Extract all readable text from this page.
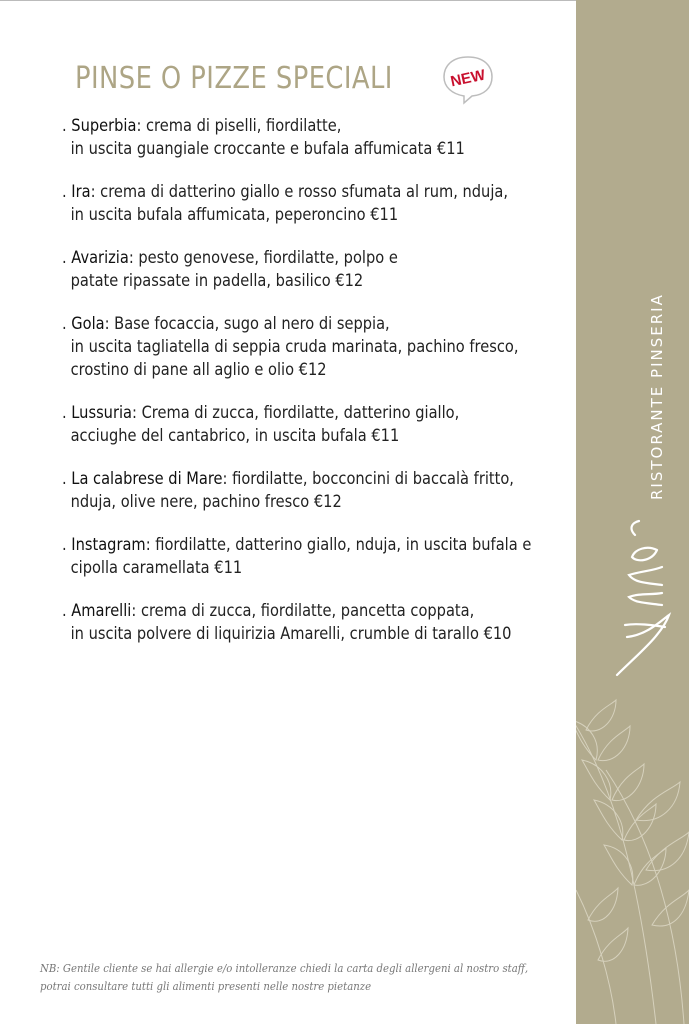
PINSE O PIZZE SPECIALI	NEW
. Superbia: crema di piselli, fiordilatte,
in uscita guangiale croccante e bufala affumicata €11
. Ira: crema di datterino giallo e rosso sfumata al rum, nduja,
in uscita bufala affumicata, peperoncino €11
. Avarizia: pesto genovese, fiordilatte, polpo e
patate ripassate in padella, basilico €12
. Gola: Base focaccia, sugo al nero di seppia,
in uscita tagliatella di seppia cruda marinata, pachino fresco,
crostino di pane all aglio e olio €12
. Lussuria: Crema di zucca, fiordilatte, datterino giallo,
acciughe del cantabrico, in uscita bufala €11
. La calabrese di Mare: fiordilatte, bocconcini di baccalà fritto,
nduja, olive nere, pachino fresco €12
. Instagram: fiordilatte, datterino giallo, nduja, in uscita bufala e
cipolla caramellata €11
. Amarelli: crema di zucca, fiordilatte, pancetta coppata,
in uscita polvere di liquirizia Amarelli, crumble di tarallo €10
NB: Gentile cliente se hai allergie e/o intolleranze chiedi la carta degli allergeni al nostro staff,
potrai consultare tutti gli alimenti presenti nelle nostre pietanze
RISTORANTE PINSERIA
